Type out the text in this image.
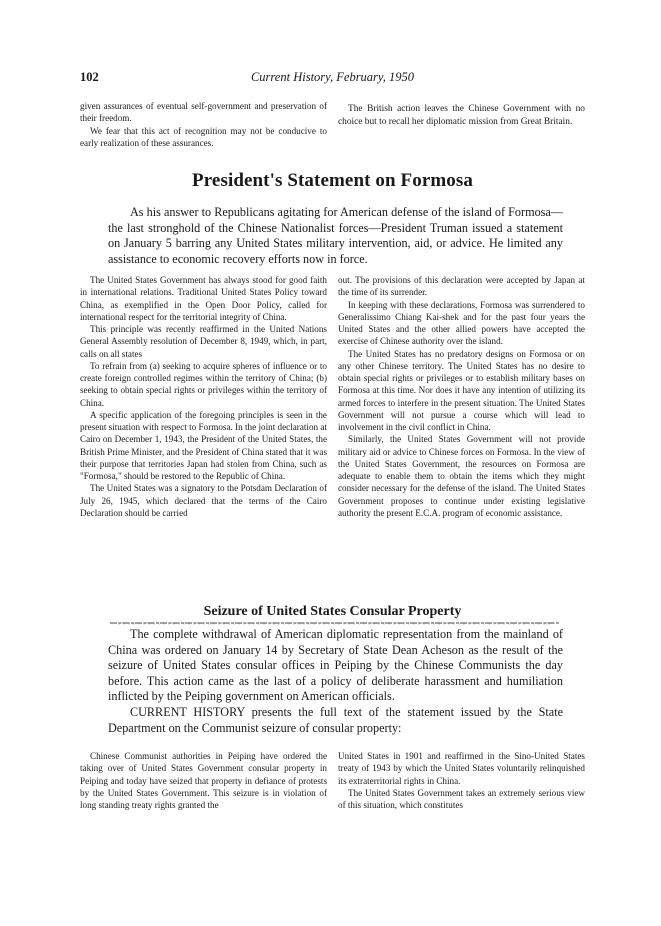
102	Current History, February, 1950

given assurances of eventual self-government and preservation of their freedom.

We fear that this act of recognition may not be conducive to early realization of these assurances.

The British action leaves the Chinese Government with no choice but to recall her diplomatic mission from Great Britain.

President's Statement on Formosa

As his answer to Republicans agitating for American defense of the island of Formosa—the last stronghold of the Chinese Nationalist forces—President Truman issued a statement on January 5 barring any United States military intervention, aid, or advice. He limited any assistance to economic recovery efforts now in force.

The United States Government has always stood for good faith in international relations. Traditional United States Policy toward China, as exemplified in the Open Door Policy, called for international respect for the territorial integrity of China.

This principle was recently reaffirmed in the United Nations General Assembly resolution of December 8, 1949, which, in part, calls on all states

To refrain from (a) seeking to acquire spheres of influence or to create foreign controlled regimes within the territory of China; (b) seeking to obtain special rights or privileges within the territory of China.

A specific application of the foregoing principles is seen in the present situation with respect to Formosa. In the joint declaration at Cairo on December 1, 1943, the President of the United States, the British Prime Minister, and the President of China stated that it was their purpose that territories Japan had stolen from China, such as "Formosa," should be restored to the Republic of China.

The United States was a signatory to the Potsdam Declaration of July 26, 1945, which declared that the terms of the Cairo Declaration should be carried

out. The provisions of this declaration were accepted by Japan at the time of its surrender.

In keeping with these declarations, Formosa was surrendered to Generalissimo Chiang Kai-shek and for the past four years the United States and the other allied powers have accepted the exercise of Chinese authority over the island.

The United States has no predatory designs on Formosa or on any other Chinese territory. The United States has no desire to obtain special rights or privileges or to establish military bases on Formosa at this time. Nor does it have any intention of utilizing its armed forces to interfere in the present situation. The United States Government will not pursue a course which will lead to involvement in the civil conflict in China.

Similarly, the United States Government will not provide military aid or advice to Chinese forces on Formosa. In the view of the United States Government, the resources on Formosa are adequate to enable them to obtain the items which they might consider necessary for the defense of the island. The United States Government proposes to continue under existing legislative authority the present E.C.A. program of economic assistance.

Seizure of United States Consular Property

The complete withdrawal of American diplomatic representation from the mainland of China was ordered on January 14 by Secretary of State Dean Acheson as the result of the seizure of United States consular offices in Peiping by the Chinese Communists the day before. This action came as the last of a policy of deliberate harassment and humiliation inflicted by the Peiping government on American officials.

CURRENT HISTORY presents the full text of the statement issued by the State Department on the Communist seizure of consular property:

Chinese Communist authorities in Peiping have ordered the taking over of United States Government consular property in Peiping and today have seized that property in defiance of protests by the United States Government. This seizure is in violation of long standing treaty rights granted the

United States in 1901 and reaffirmed in the Sino-United States treaty of 1943 by which the United States voluntarily relinquished its extraterritorial rights in China.

The United States Government takes an extremely serious view of this situation, which constitutes
